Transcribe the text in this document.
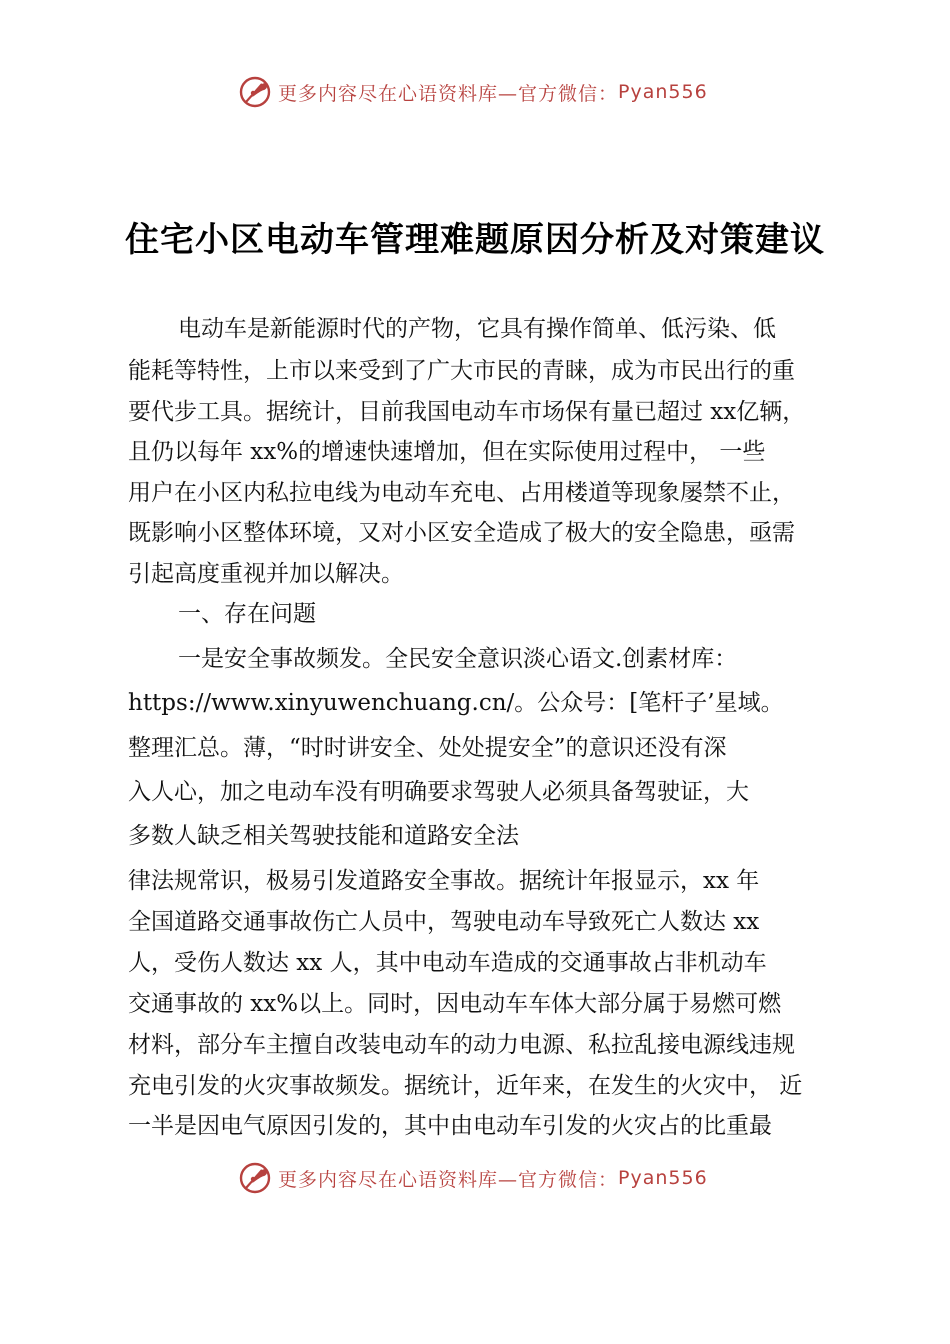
更多内容尽在心语资料库—官方微信： Pyan556
住宅小区电动车管理难题原因分析及对策建议
电动车是新能源时代的产物，它具有操作简单、低污染、低
能耗等特性，上市以来受到了广大市民的青睐，成为市民出行的重
要代步工具。据统计，目前我国电动车市场保有量已超过 xx亿辆，
且仍以每年 xx%的增速快速增加，但在实际使用过程中， 一些
用户在小区内私拉电线为电动车充电、占用楼道等现象屡禁不止，
既影响小区整体环境，又对小区安全造成了极大的安全隐患，亟需
引起高度重视并加以解决。
一、存在问题
一是安全事故频发。全民安全意识淡心语文.创素材库：
https://www.xinyuwenchuang.cn/。公众号：[笔杆子’星域。
整理汇总。薄，“时时讲安全、处处提安全”的意识还没有深
入人心，加之电动车没有明确要求驾驶人必须具备驾驶证，大
多数人缺乏相关驾驶技能和道路安全法
律法规常识，极易引发道路安全事故。据统计年报显示，xx 年
全国道路交通事故伤亡人员中，驾驶电动车导致死亡人数达 xx
人，受伤人数达 xx 人，其中电动车造成的交通事故占非机动车
交通事故的 xx%以上。同时，因电动车车体大部分属于易燃可燃
材料，部分车主擅自改装电动车的动力电源、私拉乱接电源线违规
充电引发的火灾事故频发。据统计，近年来，在发生的火灾中， 近
一半是因电气原因引发的，其中由电动车引发的火灾占的比重最
更多内容尽在心语资料库—官方微信： Pyan556
